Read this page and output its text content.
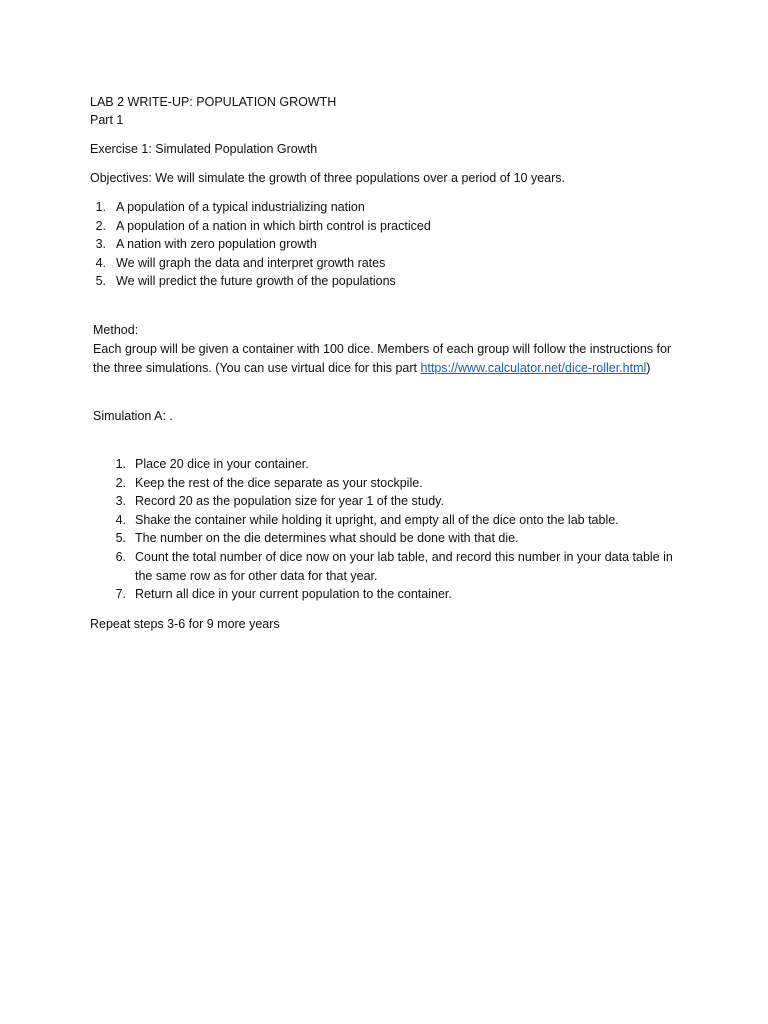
LAB 2 WRITE-UP: POPULATION GROWTH
Part 1
Exercise 1: Simulated Population Growth
Objectives: We will simulate the growth of three populations over a period of 10 years.
1. A population of a typical industrializing nation
2. A population of a nation in which birth control is practiced
3. A nation with zero population growth
4. We will graph the data and interpret growth rates
5. We will predict the future growth of the populations
Method:
Each group will be given a container with 100 dice. Members of each group will follow the instructions for the three simulations. (You can use virtual dice for this part https://www.calculator.net/dice-roller.html)
Simulation A: .
1. Place 20 dice in your container.
2. Keep the rest of the dice separate as your stockpile.
3. Record 20 as the population size for year 1 of the study.
4. Shake the container while holding it upright, and empty all of the dice onto the lab table.
5. The number on the die determines what should be done with that die.
6. Count the total number of dice now on your lab table, and record this number in your data table in the same row as for other data for that year.
7. Return all dice in your current population to the container.
Repeat steps 3-6 for 9 more years
